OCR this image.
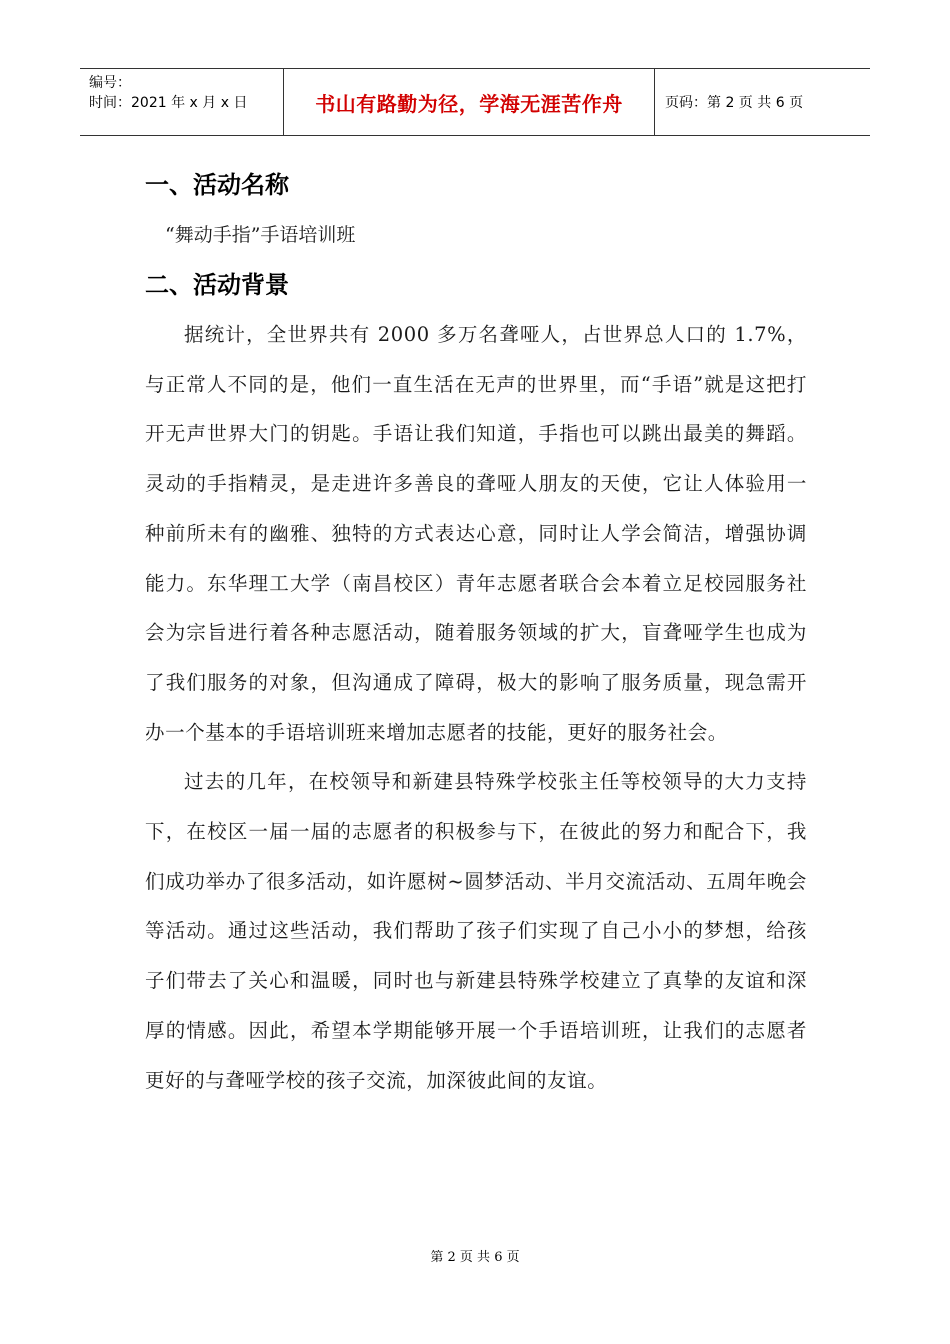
编号：
时间：2021 年 x 月 x 日	书山有路勤为径，学海无涯苦作舟	页码：第 2 页 共 6 页
一、活动名称
“舞动手指”手语培训班
二、活动背景

据统计，全世界共有 2000 多万名聋哑人，占世界总人口的 1.7%，与正常人不同的是，他们一直生活在无声的世界里，而“手语”就是这把打开无声世界大门的钥匙。手语让我们知道，手指也可以跳出最美的舞蹈。灵动的手指精灵，是走进许多善良的聋哑人朋友的天使，它让人体验用一种前所未有的幽雅、独特的方式表达心意，同时让人学会简洁，增强协调能力。东华理工大学（南昌校区）青年志愿者联合会本着立足校园服务社会为宗旨进行着各种志愿活动，随着服务领域的扩大，盲聋哑学生也成为了我们服务的对象，但沟通成了障碍，极大的影响了服务质量，现急需开办一个基本的手语培训班来增加志愿者的技能，更好的服务社会。

过去的几年，在校领导和新建县特殊学校张主任等校领导的大力支持下，在校区一届一届的志愿者的积极参与下，在彼此的努力和配合下，我们成功举办了很多活动，如许愿树~圆梦活动、半月交流活动、五周年晚会等活动。通过这些活动，我们帮助了孩子们实现了自己小小的梦想，给孩子们带去了关心和温暖，同时也与新建县特殊学校建立了真挚的友谊和深厚的情感。因此，希望本学期能够开展一个手语培训班，让我们的志愿者更好的与聋哑学校的孩子交流，加深彼此间的友谊。

第 2 页 共 6 页
